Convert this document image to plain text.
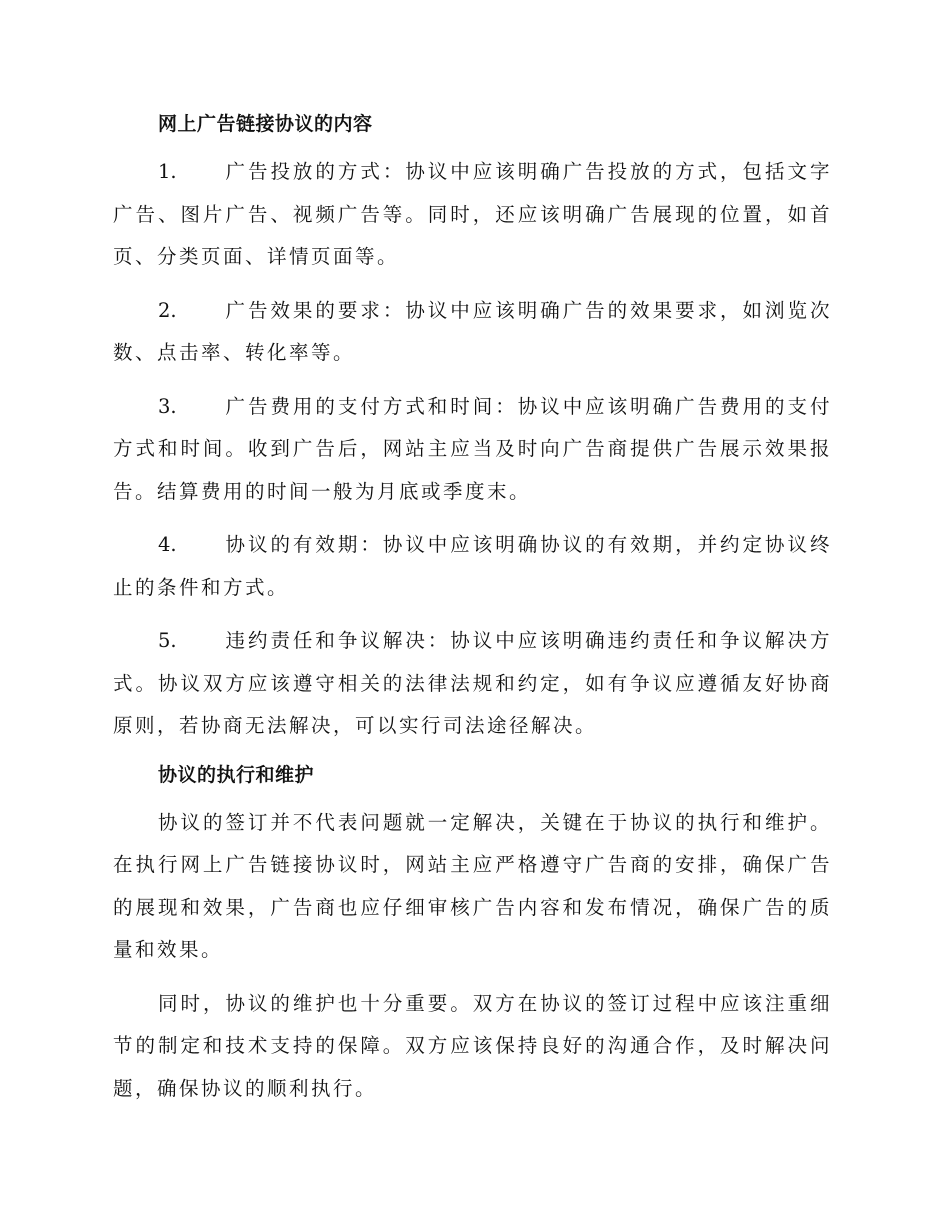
网上广告链接协议的内容
1. 广告投放的方式：协议中应该明确广告投放的方式，包括文字广告、图片广告、视频广告等。同时，还应该明确广告展现的位置，如首页、分类页面、详情页面等。
2. 广告效果的要求：协议中应该明确广告的效果要求，如浏览次数、点击率、转化率等。
3. 广告费用的支付方式和时间：协议中应该明确广告费用的支付方式和时间。收到广告后，网站主应当及时向广告商提供广告展示效果报告。结算费用的时间一般为月底或季度末。
4. 协议的有效期：协议中应该明确协议的有效期，并约定协议终止的条件和方式。
5. 违约责任和争议解决：协议中应该明确违约责任和争议解决方式。协议双方应该遵守相关的法律法规和约定，如有争议应遵循友好协商原则，若协商无法解决，可以实行司法途径解决。
协议的执行和维护

协议的签订并不代表问题就一定解决，关键在于协议的执行和维护。在执行网上广告链接协议时，网站主应严格遵守广告商的安排，确保广告的展现和效果，广告商也应仔细审核广告内容和发布情况，确保广告的质量和效果。

同时，协议的维护也十分重要。双方在协议的签订过程中应该注重细节的制定和技术支持的保障。双方应该保持良好的沟通合作，及时解决问题，确保协议的顺利执行。
